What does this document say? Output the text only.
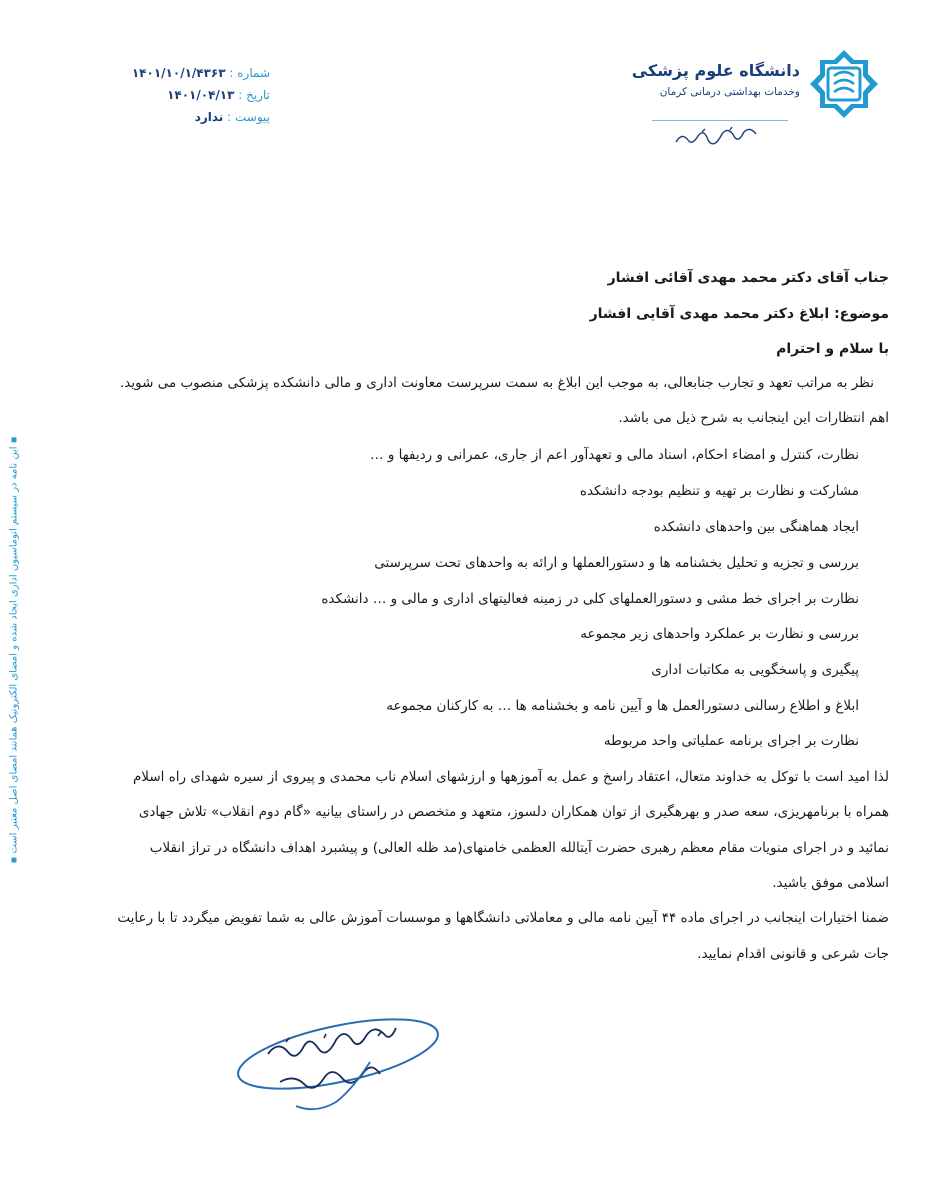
دانشگاه علوم پزشکی
وخدمات بهداشتی درمانی کرمان
شماره : ۱۴۰۱/۱۰/۱/۴۳۶۳
تاریخ : ۱۴۰۱/۰۴/۱۳
پیوست : ندارد
▪ این نامه در سیستم اتوماسیون اداری ایجاد شده و امضای الکترونیک همانند امضای اصل معتبر است ▪
جناب آقای دکتر محمد مهدی آقائی افشار
موضوع: ابلاغ دکتر محمد مهدی آقایی افشار
با سلام و احترام
نظر به مراتب تعهد و تجارب جنابعالی، به موجب این ابلاغ به سمت سرپرست معاونت اداری و مالی دانشکده پزشکی منصوب می شوید.
اهم انتظارات این اینجانب به شرح ذیل می باشد.
نظارت، کنترل و امضاء احکام، اسناد مالی و تعهدآور اعم از جاری، عمرانی و ردیفها و …
مشارکت و نظارت بر تهیه و تنظیم بودجه دانشکده
ایجاد هماهنگی بین واحدهای دانشکده
بررسی و تجزیه و تحلیل بخشنامه ها و دستورالعملها و ارائه به واحدهای تحت سرپرستی
نظارت بر اجرای خط مشی و دستورالعملهای کلی در زمینه فعالیتهای اداری و مالی و … دانشکده
بررسی و نظارت بر عملکرد واحدهای زیر مجموعه
پیگیری و پاسخگویی به مکاتبات اداری
ابلاغ و اطلاع رسالنی دستورالعمل ها و آیین نامه و بخشنامه ها … به کارکنان مجموعه
نظارت بر اجرای برنامه عملیاتی واحد مربوطه
لذا امید است با توکل به خداوند متعال، اعتقاد راسخ و عمل به آموزهها و ارزشهای اسلام ناب محمدی و پیروی از سیره شهدای راه اسلام
همراه با برنامهریزی، سعه صدر و بهرهگیری از توان همکاران دلسوز، متعهد و متخصص در راستای بیانیه «گام دوم انقلاب» تلاش جهادی
نمائید و در اجرای منویات مقام معظم رهبری حضرت آیتالله العظمی خامنهای(مد ظله العالی) و پیشبرد اهداف دانشگاه در تراز انقلاب
اسلامی موفق باشید.
ضمنا اختیارات اینجانب در اجرای ماده ۴۴ آیین نامه مالی و معاملاتی دانشگاهها و موسسات آموزش عالی به شما تفویض میگردد تا با رعایت
جات شرعی و قانونی اقدام نمایید.
